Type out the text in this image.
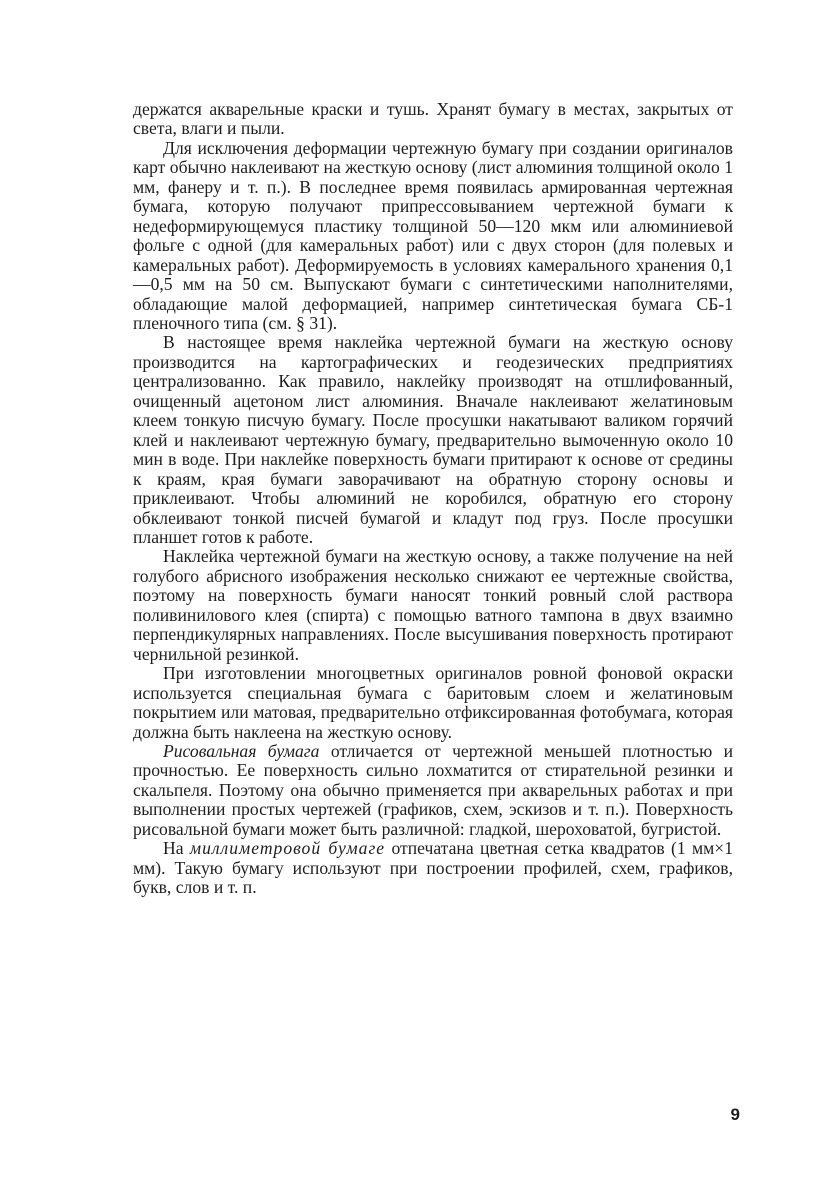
держатся акварельные краски и тушь. Хранят бумагу в местах, закрытых от света, влаги и пыли.

Для исключения деформации чертежную бумагу при создании оригиналов карт обычно наклеивают на жесткую основу (лист алюминия толщиной около 1 мм, фанеру и т. п.). В последнее время появилась армированная чертежная бумага, которую получают припрессовыванием чертежной бумаги к недеформирующемуся пластику толщиной 50—120 мкм или алюминиевой фольге с одной (для камеральных работ) или с двух сторон (для полевых и камеральных работ). Деформируемость в условиях камерального хранения 0,1—0,5 мм на 50 см. Выпускают бумаги с синтетическими наполнителями, обладающие малой деформацией, например синтетическая бумага СБ-1 пленочного типа (см. § 31).

В настоящее время наклейка чертежной бумаги на жесткую основу производится на картографических и геодезических предприятиях централизованно. Как правило, наклейку производят на отшлифованный, очищенный ацетоном лист алюминия. Вначале наклеивают желатиновым клеем тонкую писчую бумагу. После просушки накатывают валиком горячий клей и наклеивают чертежную бумагу, предварительно вымоченную около 10 мин в воде. При наклейке поверхность бумаги притирают к основе от средины к краям, края бумаги заворачивают на обратную сторону основы и приклеивают. Чтобы алюминий не коробился, обратную его сторону обклеивают тонкой писчей бумагой и кладут под груз. После просушки планшет готов к работе.

Наклейка чертежной бумаги на жесткую основу, а также получение на ней голубого абрисного изображения несколько снижают ее чертежные свойства, поэтому на поверхность бумаги наносят тонкий ровный слой раствора поливинилового клея (спирта) с помощью ватного тампона в двух взаимно перпендикулярных направлениях. После высушивания поверхность протирают чернильной резинкой.

При изготовлении многоцветных оригиналов ровной фоновой окраски используется специальная бумага с баритовым слоем и желатиновым покрытием или матовая, предварительно отфиксированная фотобумага, которая должна быть наклеена на жесткую основу.

Рисовальная бумага отличается от чертежной меньшей плотностью и прочностью. Ее поверхность сильно лохматится от стирательной резинки и скальпеля. Поэтому она обычно применяется при акварельных работах и при выполнении простых чертежей (графиков, схем, эскизов и т. п.). Поверхность рисовальной бумаги может быть различной: гладкой, шероховатой, бугристой.

На миллиметровой бумаге отпечатана цветная сетка квадратов (1 мм×1 мм). Такую бумагу используют при построении профилей, схем, графиков, букв, слов и т. п.

9
